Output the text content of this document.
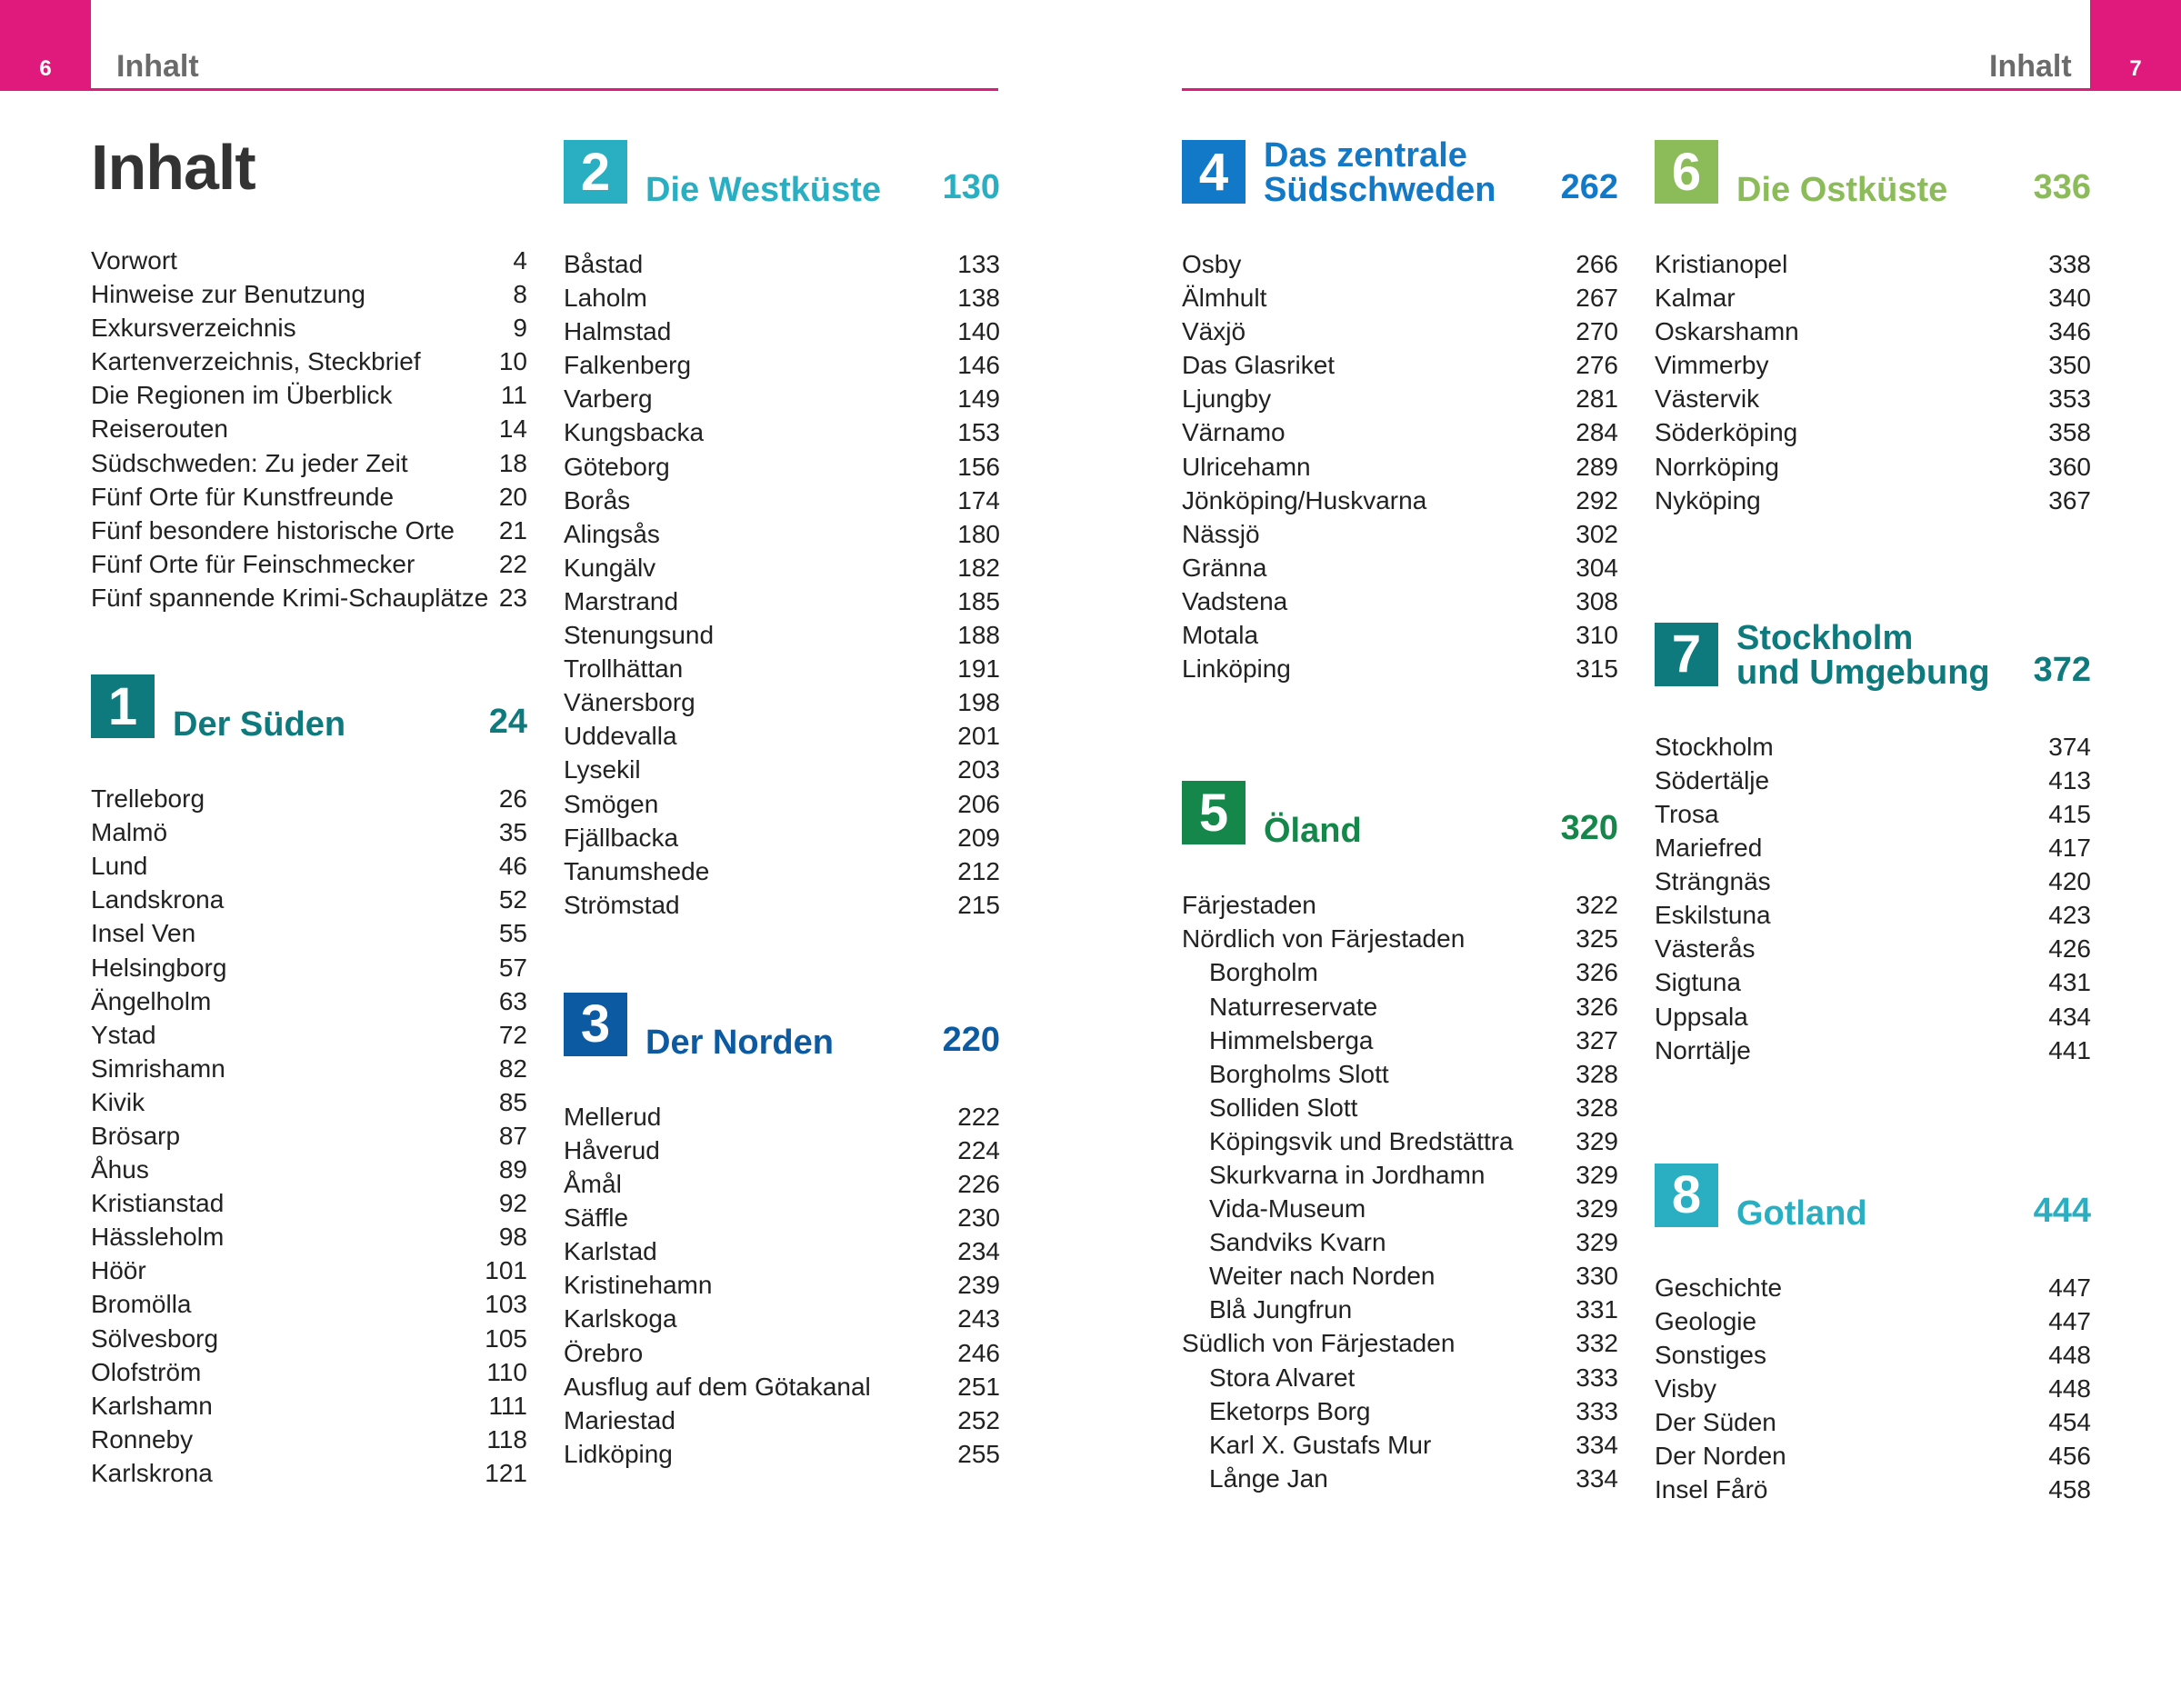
6 Inhalt	Inhalt	7
Inhalt
Vorwort	4
Hinweise zur Benutzung	8
Exkursverzeichnis	9
Kartenverzeichnis, Steckbrief	10
Die Regionen im Überblick	11
Reiserouten	14
Südschweden: Zu jeder Zeit	18
Fünf Orte für Kunstfreunde	20
Fünf besondere historische Orte 21
Fünf Orte für Feinschmecker	22
Fünf spannende Krimi-Schauplätze 23
1	Der Süden	24
Trelleborg	26
Malmö	35
Lund	46
Landskrona	52
Insel Ven	55
Helsingborg	57
Ängelholm	63
Ystad	72
Simrishamn	82
Kivik	85
Brösarp	87
Åhus	89
Kristianstad	92
Hässleholm	98
Höör	101
Bromölla	103
Sölvesborg	105
Olofström	110
Karlshamn	111
Ronneby	118
Karlskrona	121
2	Die Westküste 130
Båstad	133
Laholm	138
Halmstad	140
Falkenberg	146
Varberg	149
Kungsbacka	153
Göteborg	156
Borås	174
Alingsås	180
Kungälv	182
Marstrand	185
Stenungsund	188
Trollhättan	191
Vänersborg	198
Uddevalla	201
Lysekil	203
Smögen	206
Fjällbacka	209
Tanumshede	212
Strömstad	215
3	Der Norden	220
Mellerud	222
Håverud	224
Åmål	226
Säffle	230
Karlstad	234
Kristinehamn	239
Karlskoga	243
Örebro	246
Ausflug auf dem Götakanal	251
Mariestad	252
Lidköping	255
4	Das zentrale
Südschweden 262
Osby	266
Älmhult	267
Växjö	270
Das Glasriket	276
Ljungby	281
Värnamo	284
Ulricehamn	289
Jönköping/Huskvarna	292
Nässjö	302
Gränna	304
Vadstena	308
Motala	310
Linköping	315
5	Öland	320
Färjestaden	322
Nördlich von Färjestaden	325
Borgholm	326
Naturreservate	326
Himmelsberga	327
Borgholms Slott	328
Solliden Slott	328
Köpingsvik und Bredstättra 329
Skurkvarna in Jordhamn	329
Vida-Museum	329
Sandviks Kvarn	329
Weiter nach Norden	330
Blå Jungfrun	331
Südlich von Färjestaden	332
Stora Alvaret	333
Eketorps Borg	333
Karl X. Gustafs Mur	334
Långe Jan	334
6	Die Ostküste 336
Kristianopel	338
Kalmar	340
Oskarshamn	346
Vimmerby	350
Västervik	353
Söderköping	358
Norrköping	360
Nyköping	367
7	Stockholm
und Umgebung 372
Stockholm	374
Södertälje	413
Trosa	415
Mariefred	417
Strängnäs	420
Eskilstuna	423
Västerås	426
Sigtuna	431
Uppsala	434
Norrtälje	441
8	Gotland	444
Geschichte	447
Geologie	447
Sonstiges	448
Visby	448
Der Süden	454
Der Norden	456
Insel Fårö	458
